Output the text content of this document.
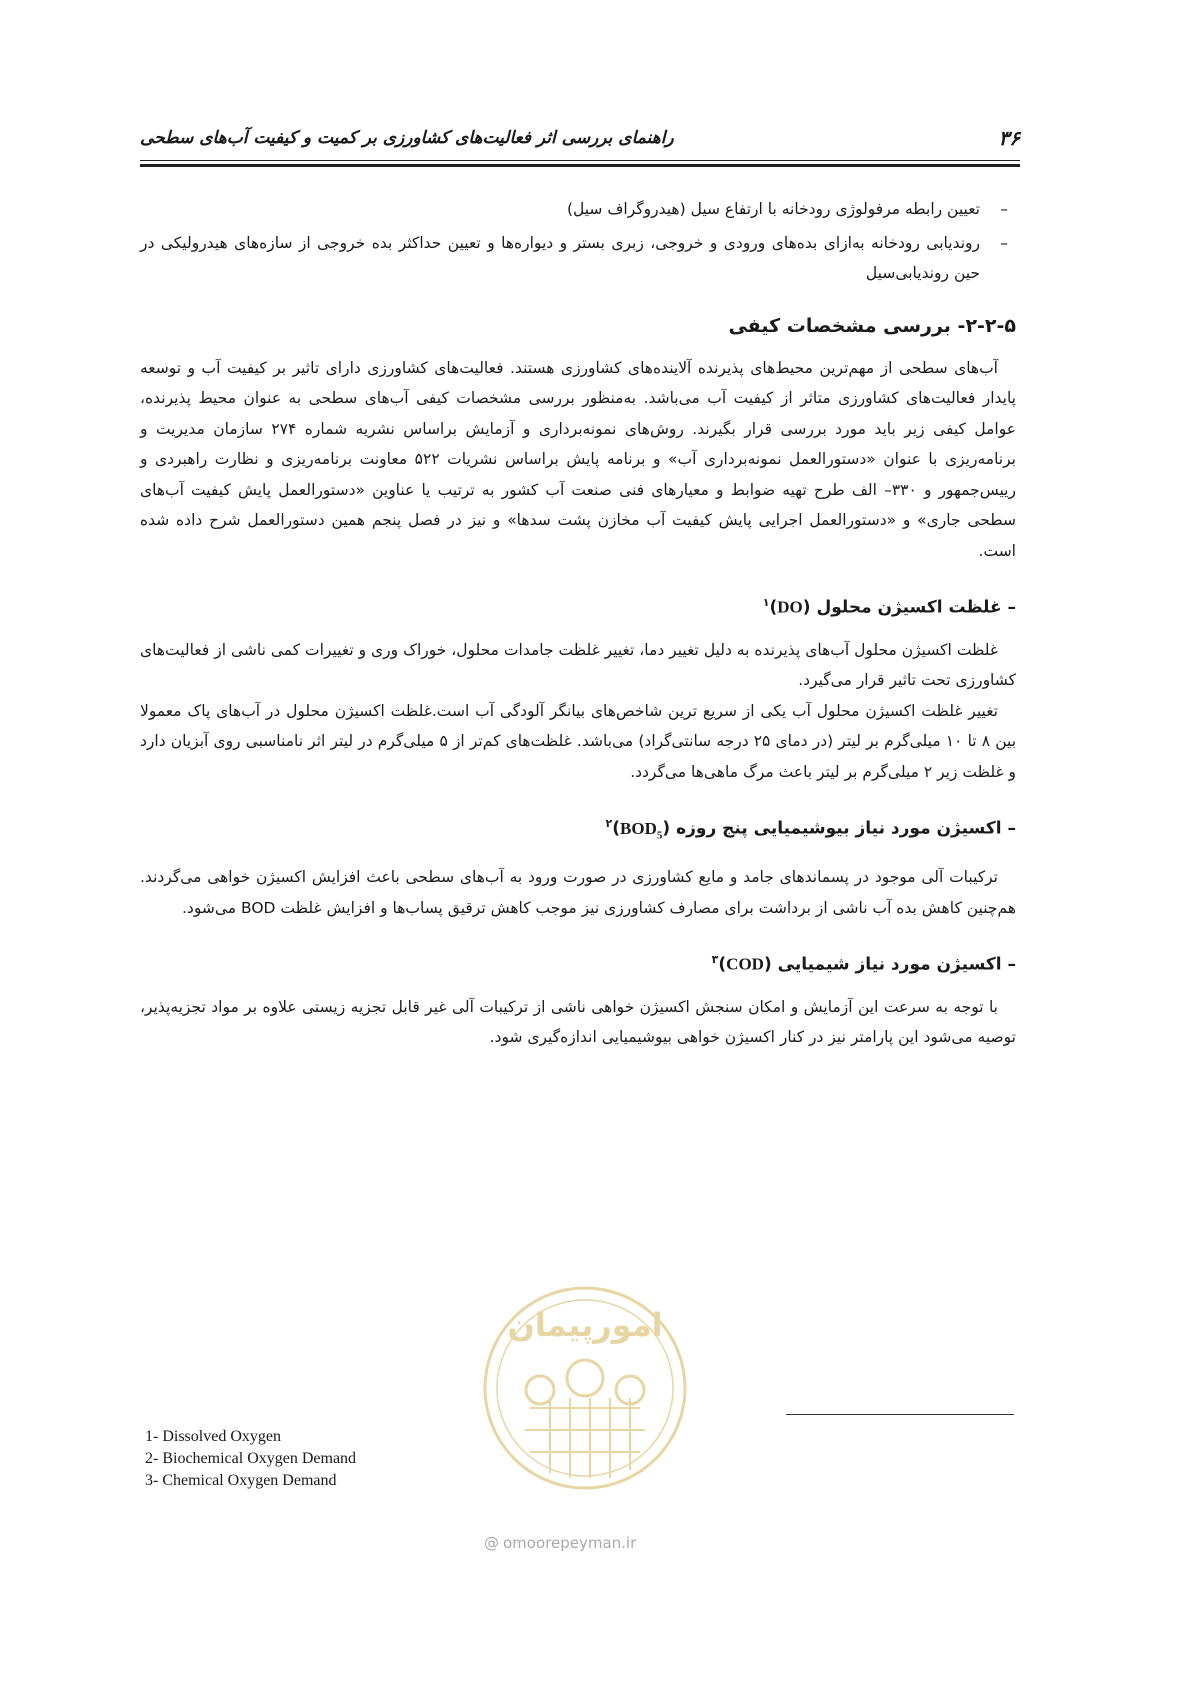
۳۶
راهنمای بررسی اثر فعالیت‌های کشاورزی بر کمیت و کیفیت آب‌های سطحی

–
تعیین رابطه مرفولوژی رودخانه با ارتفاع سیل (هیدروگراف سیل)

–
روندیابی رودخانه به‌ازای بده‌های ورودی و خروجی، زبری بستر و دیواره‌ها و تعیین حداکثر بده خروجی از سازه‌های هیدرولیکی در حین روندیابی‌سیل

۲-۲-۵- بررسی مشخصات کیفی

آب‌های سطحی از مهم‌ترین محیط‌های پذیرنده آلاینده‌های کشاورزی هستند. فعالیت‌های کشاورزی دارای تاثیر بر کیفیت آب و توسعه پایدار فعالیت‌های کشاورزی متاثر از کیفیت آب می‌باشد. به‌منظور بررسی مشخصات کیفی آب‌های سطحی به عنوان محیط پذیرنده، عوامل کیفی زیر باید مورد بررسی قرار بگیرند. روش‌های نمونه‌برداری و آزمایش براساس نشریه شماره ۲۷۴ سازمان مدیریت و برنامه‌ریزی با عنوان «دستورالعمل نمونه‌برداری آب» و برنامه پایش براساس نشریات ۵۲۲ معاونت برنامه‌ریزی و نظارت راهبردی و رییس‌جمهور و ۳۳۰– الف طرح تهیه ضوابط و معیارهای فنی صنعت آب کشور به ترتیب یا عناوین «دستورالعمل پایش کیفیت آب‌های سطحی جاری» و «دستورالعمل اجرایی پایش کیفیت آب مخازن پشت سدها» و نیز در فصل پنجم همین دستورالعمل شرح داده شده است.

– غلظت اکسیژن محلول (DO)$^۱$

غلظت اکسیژن محلول آب‌های پذیرنده به دلیل تغییر دما، تغییر غلظت جامدات محلول، خوراک وری و تغییرات کمی ناشی از فعالیت‌های کشاورزی تحت تاثیر قرار می‌گیرد.

تغییر غلظت اکسیژن محلول آب یکی از سریع ترین شاخص‌های بیانگر آلودگی آب است.غلظت اکسیژن محلول در آب‌های پاک معمولا بین ۸ تا ۱۰ میلی‌گرم بر لیتر (در دمای ۲۵ درجه سانتی‌گراد) می‌باشد. غلظت‌های کم‌تر از ۵ میلی‌گرم در لیتر اثر نامناسبی روی آبزیان دارد و غلظت زیر ۲ میلی‌گرم بر لیتر باعث مرگ ماهی‌ها می‌گردد.

– اکسیژن مورد نیاز بیوشیمیایی پنج روزه $(BOD_5)^۲$

ترکیبات آلی موجود در پسماندهای جامد و مایع کشاورزی در صورت ورود به آب‌های سطحی باعث افزایش اکسیژن خواهی می‌گردند. هم‌چنین کاهش بده آب ناشی از برداشت برای مصارف کشاورزی نیز موجب کاهش ترقیق پساب‌ها و افزایش غلظت BOD می‌شود.

– اکسیژن مورد نیاز شیمیایی (COD)$^۳$

با توجه به سرعت این آزمایش و امکان سنجش اکسیژن خواهی ناشی از ترکیبات آلی غیر قابل تجزیه زیستی علاوه بر مواد تجزیه‌پذیر، توصیه می‌شود این پارامتر نیز در کنار اکسیژن خواهی بیوشیمیایی اندازه‌گیری شود.

امورپیمان
@ omoorepeyman.ir
1- Dissolved Oxygen
2- Biochemical Oxygen Demand
3- Chemical Oxygen Demand
